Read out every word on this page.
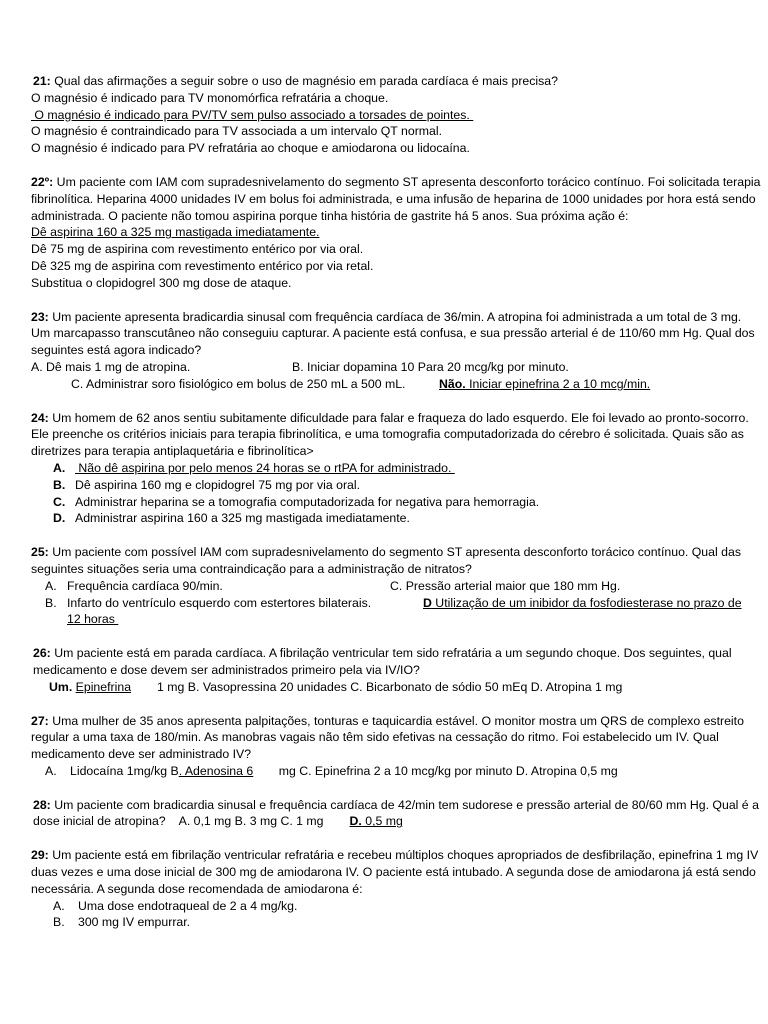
21: Qual das afirmações a seguir sobre o uso de magnésio em parada cardíaca é mais precisa?
O magnésio é indicado para TV monomórfica refratária a choque.
O magnésio é indicado para PV/TV sem pulso associado a torsades de pointes.
O magnésio é contraindicado para TV associada a um intervalo QT normal.
O magnésio é indicado para PV refratária ao choque e amiodarona ou lidocaína.
22º: Um paciente com IAM com supradesnivelamento do segmento ST apresenta desconforto torácico contínuo. Foi solicitada terapia fibrinolítica. Heparina 4000 unidades IV em bolus foi administrada, e uma infusão de heparina de 1000 unidades por hora está sendo administrada. O paciente não tomou aspirina porque tinha história de gastrite há 5 anos. Sua próxima ação é:
Dê aspirina 160 a 325 mg mastigada imediatamente.
Dê 75 mg de aspirina com revestimento entérico por via oral.
Dê 325 mg de aspirina com revestimento entérico por via retal.
Substitua o clopidogrel 300 mg dose de ataque.
23: Um paciente apresenta bradicardia sinusal com frequência cardíaca de 36/min. A atropina foi administrada a um total de 3 mg. Um marcapasso transcutâneo não conseguiu capturar. A paciente está confusa, e sua pressão arterial é de 110/60 mm Hg. Qual dos seguintes está agora indicado?
A. Dê mais 1 mg de atropina.	B. Iniciar dopamina 10 Para 20 mcg/kg por minuto.
C. Administrar soro fisiológico em bolus de 250 mL a 500 mL.	Não. Iniciar epinefrina 2 a 10 mcg/min.
24: Um homem de 62 anos sentiu subitamente dificuldade para falar e fraqueza do lado esquerdo. Ele foi levado ao pronto-socorro. Ele preenche os critérios iniciais para terapia fibrinolítica, e uma tomografia computadorizada do cérebro é solicitada. Quais são as diretrizes para terapia antiplaquetária e fibrinolítica>
A. Não dê aspirina por pelo menos 24 horas se o rtPA for administrado.
B. Dê aspirina 160 mg e clopidogrel 75 mg por via oral.
C. Administrar heparina se a tomografia computadorizada for negativa para hemorragia.
D. Administrar aspirina 160 a 325 mg mastigada imediatamente.
25: Um paciente com possível IAM com supradesnivelamento do segmento ST apresenta desconforto torácico contínuo. Qual das seguintes situações seria uma contraindicação para a administração de nitratos?
A. Frequência cardíaca 90/min.	C. Pressão arterial maior que 180 mm Hg.
B. Infarto do ventrículo esquerdo com estertores bilaterais.	D Utilização de um inibidor da fosfodiesterase no prazo de
12 horas
26: Um paciente está em parada cardíaca. A fibrilação ventricular tem sido refratária a um segundo choque. Dos seguintes, qual medicamento e dose devem ser administrados primeiro pela via IV/IO?
Um. Epinefrina 1 mg B. Vasopressina 20 unidades C. Bicarbonato de sódio 50 mEq D. Atropina 1 mg
27: Uma mulher de 35 anos apresenta palpitações, tonturas e taquicardia estável. O monitor mostra um QRS de complexo estreito regular a uma taxa de 180/min. As manobras vagais não têm sido efetivas na cessação do ritmo. Foi estabelecido um IV. Qual medicamento deve ser administrado IV?
A. Lidocaína 1mg/kg B. Adenosina 6 mg C. Epinefrina 2 a 10 mcg/kg por minuto D. Atropina 0,5 mg
28: Um paciente com bradicardia sinusal e frequência cardíaca de 42/min tem sudorese e pressão arterial de 80/60 mm Hg. Qual é a dose inicial de atropina? A. 0,1 mg B. 3 mg C. 1 mg D. 0,5 mg
29: Um paciente está em fibrilação ventricular refratária e recebeu múltiplos choques apropriados de desfibrilação, epinefrina 1 mg IV duas vezes e uma dose inicial de 300 mg de amiodarona IV. O paciente está intubado. A segunda dose de amiodarona já está sendo necessária. A segunda dose recomendada de amiodarona é:
A. Uma dose endotraqueal de 2 a 4 mg/kg.
B. 300 mg IV empurrar.
